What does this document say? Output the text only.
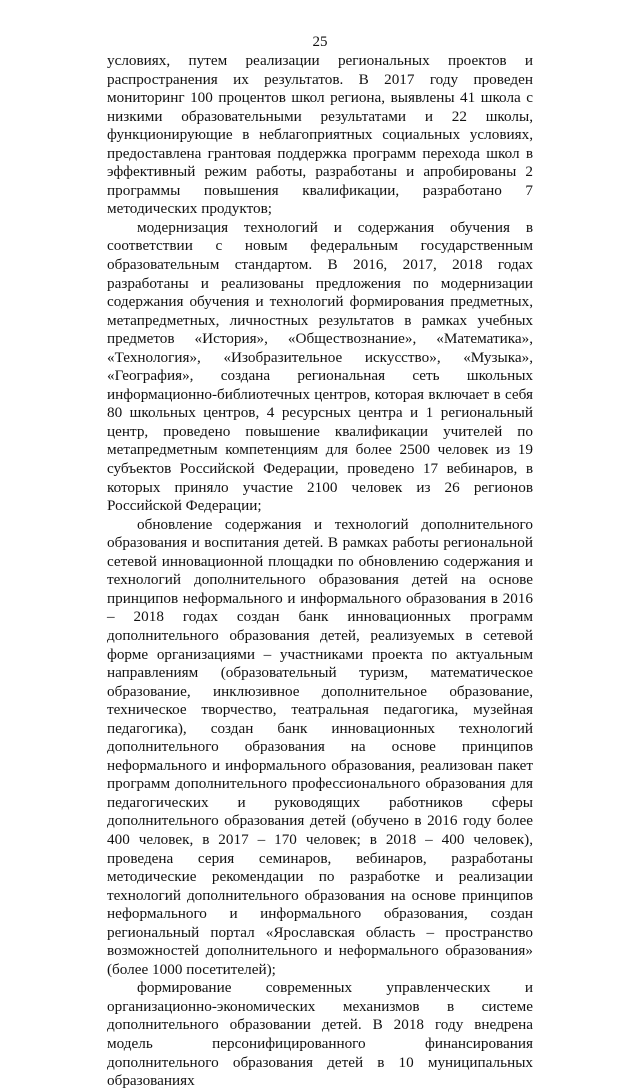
25

условиях, путем реализации региональных проектов и распространения их результатов. В 2017 году проведен мониторинг 100 процентов школ региона, выявлены 41 школа с низкими образовательными результатами и 22 школы, функционирующие в неблагоприятных социальных условиях, предоставлена грантовая поддержка программ перехода школ в эффективный режим работы, разработаны и апробированы 2 программы повышения квалификации, разработано 7 методических продуктов;

модернизация технологий и содержания обучения в соответствии с новым федеральным государственным образовательным стандартом. В 2016, 2017, 2018 годах разработаны и реализованы предложения по модернизации содержания обучения и технологий формирования предметных, метапредметных, личностных результатов в рамках учебных предметов «История», «Обществознание», «Математика», «Технология», «Изобразительное искусство», «Музыка», «География», создана региональная сеть школьных информационно-библиотечных центров, которая включает в себя 80 школьных центров, 4 ресурсных центра и 1 региональный центр, проведено повышение квалификации учителей по метапредметным компетенциям для более 2500 человек из 19 субъектов Российской Федерации, проведено 17 вебинаров, в которых приняло участие 2100 человек из 26 регионов Российской Федерации;

обновление содержания и технологий дополнительного образования и воспитания детей. В рамках работы региональной сетевой инновационной площадки по обновлению содержания и технологий дополнительного образования детей на основе принципов неформального и информального образования в 2016 – 2018 годах создан банк инновационных программ дополнительного образования детей, реализуемых в сетевой форме организациями – участниками проекта по актуальным направлениям (образовательный туризм, математическое образование, инклюзивное дополнительное образование, техническое творчество, театральная педагогика, музейная педагогика), создан банк инновационных технологий дополнительного образования на основе принципов неформального и информального образования, реализован пакет программ дополнительного профессионального образования для педагогических и руководящих работников сферы дополнительного образования детей (обучено в 2016 году более 400 человек, в 2017 – 170 человек; в 2018 – 400 человек), проведена серия семинаров, вебинаров, разработаны методические рекомендации по разработке и реализации технологий дополнительного образования на основе принципов неформального и информального образования, создан региональный портал «Ярославская область – пространство возможностей дополнительного и неформального образования» (более 1000 посетителей);

формирование современных управленческих и организационно-экономических механизмов в системе дополнительного образовании детей. В 2018 году внедрена модель персонифицированного финансирования дополнительного образования детей в 10 муниципальных образованиях
